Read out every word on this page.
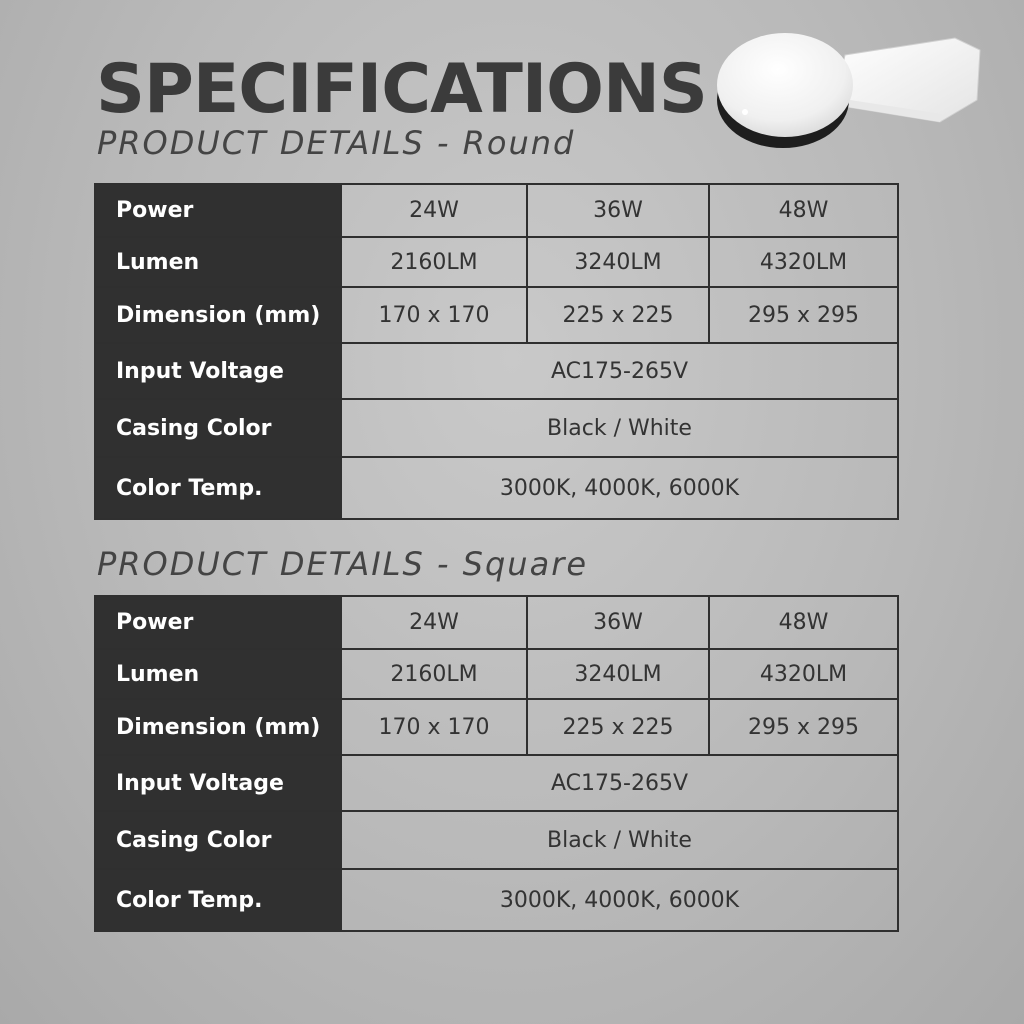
SPECIFICATIONS
PRODUCT DETAILS - Round
Power	24W	36W	48W
Lumen	2160LM	3240LM	4320LM
Dimension (mm)	170 x 170	225 x 225	295 x 295
Input Voltage	AC175-265V		
Casing Color	Black / White		
Color Temp.	3000K, 4000K, 6000K		
PRODUCT DETAILS - Square
Power	24W	36W	48W
Lumen	2160LM	3240LM	4320LM
Dimension (mm)	170 x 170	225 x 225	295 x 295
Input Voltage	AC175-265V		
Casing Color	Black / White		
Color Temp.	3000K, 4000K, 6000K		
